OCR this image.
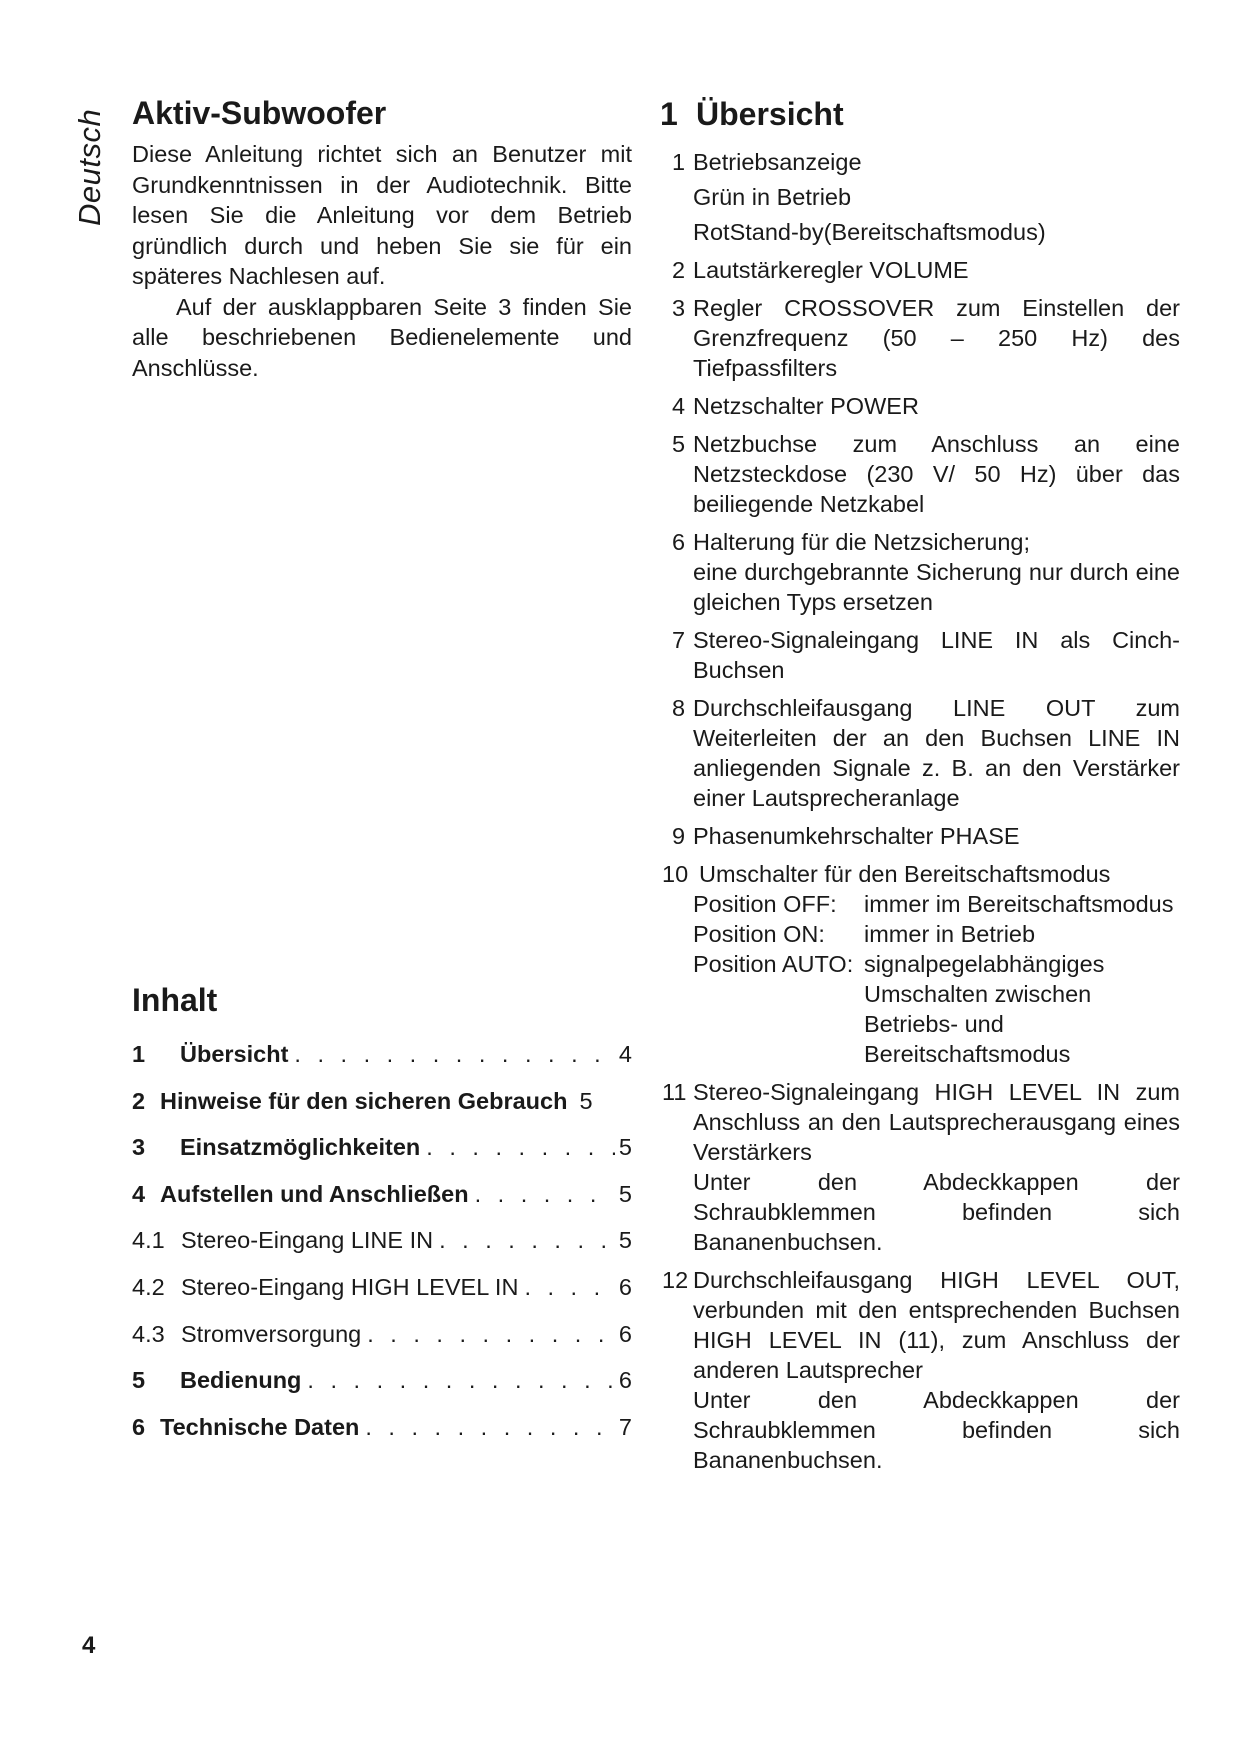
Deutsch Aktiv-Subwoofer

Diese Anleitung richtet sich an Benutzer mit Grundkenntnissen in der Audiotechnik. Bitte lesen Sie die Anleitung vor dem Betrieb gründlich durch und heben Sie sie für ein späteres Nachlesen auf.

Auf der ausklappbaren Seite 3 finden Sie alle beschriebenen Bedienelemente und Anschlüsse.

Inhalt
1	Übersicht . . .	4
2 Hinweise für den sicheren Gebrauch 5
3	Einsatzmöglichkeiten . . .	5
4 Aufstellen und Anschließen . . .	5
4.1 Stereo-Eingang LINE IN . . .	5
4.2 Stereo-Eingang HIGH LEVEL IN . . .	6
4.3 Stromversorgung . . .	6
5	Bedienung . . .	6
6 Technische Daten . . .	7
1 Übersicht
1 Betriebsanzeige
Grün in Betrieb
RotStand-by(Bereitschaftsmodus)
2 Lautstärkeregler VOLUME
3 Regler CROSSOVER zum Einstellen der Grenzfrequenz (50 – 250 Hz) des Tiefpassfilters
4 Netzschalter POWER
5 Netzbuchse zum Anschluss an eine Netzsteckdose (230 V/ 50 Hz) über das beiliegende Netzkabel
6 Halterung für die Netzsicherung;
eine durchgebrannte Sicherung nur durch eine gleichen Typs ersetzen
7 Stereo-Signaleingang LINE IN als Cinch-Buchsen
8 Durchschleifausgang LINE OUT zum Weiterleiten der an den Buchsen LINE IN anliegenden Signale z. B. an den Verstärker einer Lautsprecheranlage
9 Phasenumkehrschalter PHASE
10 Umschalter für den Bereitschaftsmodus
Position OFF:	immer im Bereitschaftsmodus
Position ON:	immer in Betrieb
Position AUTO: signalpegelabhängiges Umschalten zwischen Betriebs- und Bereitschaftsmodus
11 Stereo-Signaleingang HIGH LEVEL IN zum Anschluss an den Lautsprecherausgang eines Verstärkers
Unter den Abdeckkappen der Schraubklemmen befinden sich Bananenbuchsen.
12 Durchschleifausgang HIGH LEVEL OUT, verbunden mit den entsprechenden Buchsen HIGH LEVEL IN (11), zum Anschluss der anderen Lautsprecher
Unter den Abdeckkappen der Schraubklemmen befinden sich Bananenbuchsen.
4
